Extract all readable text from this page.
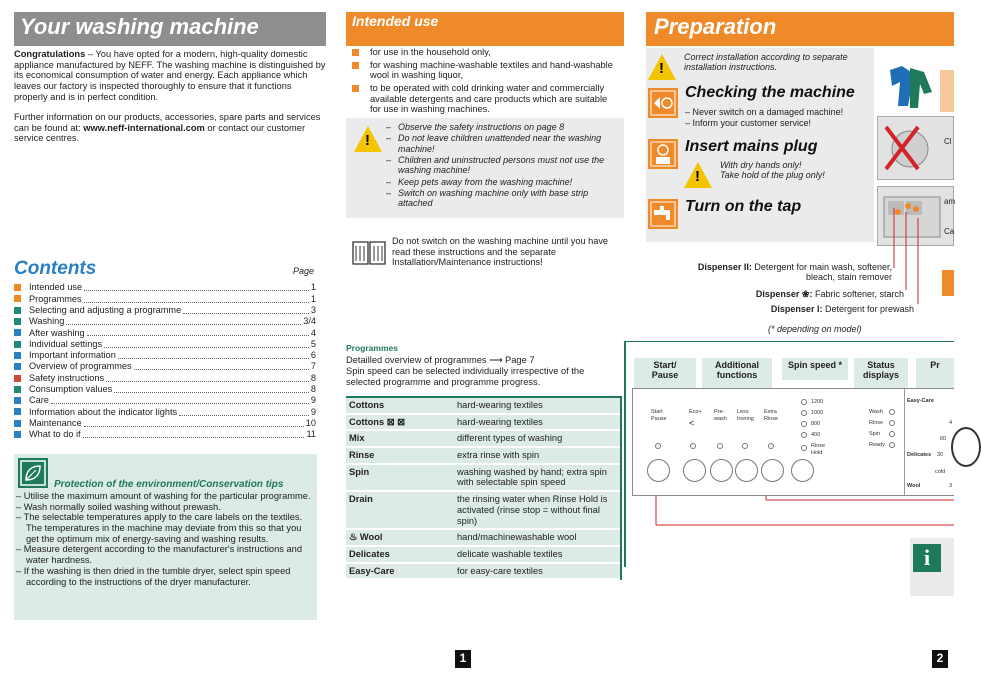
Your washing machine
Congratulations – You have opted for a modern, high-quality domestic appliance manufactured by NEFF. The washing machine is distinguished by its economical consumption of water and energy. Each appliance which leaves our factory is inspected thoroughly to ensure that it functions properly and is in perfect condition.
Further information on our products, accessories, spare parts and services can be found at: www.neff-international.com or contact our customer service centres.
Contents	Page
Intended use	1
Programmes	1
Selecting and adjusting a programme	3
Washing	3/4
After washing	4
Individual settings	5
Important information	6
Overview of programmes	7
Safety instructions	8
Consumption values	8
Care	9
Information about the indicator lights	9
Maintenance	10
What to do if	11
Protection of the environment/Conservation tips
– Utilise the maximum amount of washing for the particular programme.
– Wash normally soiled washing without prewash.
– The selectable temperatures apply to the care labels on the textiles. The temperatures in the machine may deviate from this so that you get the optimum mix of energy-saving and washing results.
– Measure detergent according to the manufacturer's instructions and water hardness.
– If the washing is then dried in the tumble dryer, select spin speed according to the instructions of the dryer manufacturer.
1
Intended use
for use in the household only,
for washing machine-washable textiles and hand-washable wool in washing liquor,
to be operated with cold drinking water and commercially available detergents and care products which are suitable for use in washing machines.
!
– Observe the safety instructions on page 8
– Do not leave children unattended near the washing machine!
– Children and uninstructed persons must not use the washing machine!
– Keep pets away from the washing machine!
– Switch on washing machine only with base strip attached
Do not switch on the washing machine until you have read these instructions and the separate Installation/Maintenance instructions!
Programmes
Detailled overview of programmes ⟶ Page 7
Spin speed can be selected individually irrespective of the selected programme and programme progress.
Cottons	hard-wearing textiles
Cottons ⊠ ⊠	hard-wearing textiles
Mix	different types of washing
Rinse	extra rinse with spin
Spin	washing washed by hand; extra spin with selectable spin speed
Drain	the rinsing water when Rinse Hold is activated (rinse stop = without final spin)
♨ Wool	hand/machinewashable wool
Delicates	delicate washable textiles
Easy-Care	for easy-care textiles
Preparation
!
Correct installation according to separate installation instructions.
Checking the machine
– Never switch on a damaged machine!
– Inform your customer service!
Insert mains plug
!
With dry hands only!
Take hold of the plug only!
Turn on the tap
Cl
am
Ca
Dispenser II: Detergent for main wash, softener, bleach, stain remover
Dispenser ❀: Fabric softener, starch
Dispenser I: Detergent for prewash
(* depending on model)
Start/
Pause
Additional
functions
Spin speed *	Status
displays
Pr
Start
Pause
Eco+
<
Pre-
wash
Less
Ironing
Extra
Rinse
1200
1000
800
400
Rinse
Hold
Wash
Rinse
Spin
Ready
Easy-Care
Delicates
Wool
4
60
30
cold
3
i
2
